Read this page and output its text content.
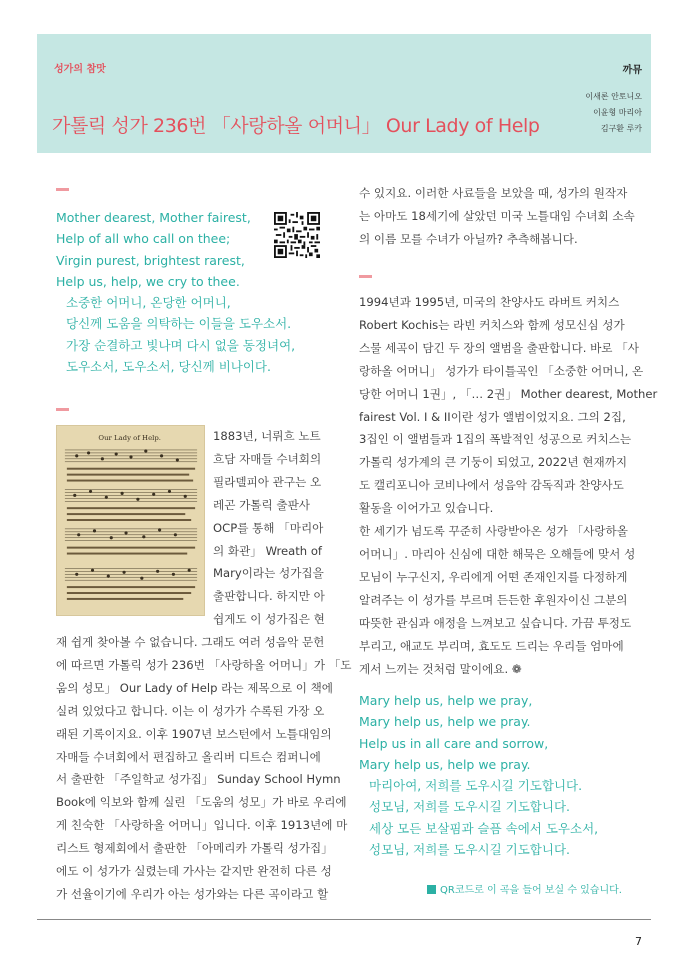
성가의 참맛	까뮤
가톨릭 성가 236번 「사랑하올 어머니」 Our Lady of Help
이새론 안토니오
이윤형 마리아
김구환 루카
Mother dearest, Mother fairest,
Help of all who call on thee;
Virgin purest, brightest rarest,
Help us, help, we cry to thee.
소중한 어머니, 온당한 어머니,
당신께 도움을 의탁하는 이들을 도우소서.
가장 순결하고 빛나며 다시 없을 동정녀여,
도우소서, 도우소서, 당신께 비나이다.
Our Lady of Help.	1883년, 너뤼흐 노트
흐담 자매들 수녀회의
필라델피아 관구는 오
레곤 가톨릭 출판사
OCP를 통해 「마리아
의 화관」 Wreath of
Mary이라는 성가집을
출판합니다. 하지만 아
쉽게도 이 성가집은 현
재 쉽게 찾아볼 수 없습니다. 그래도 여러 성음악 문헌
에 따르면 가톨릭 성가 236번 「사랑하올 어머니」가 「도
움의 성모」 Our Lady of Help 라는 제목으로 이 책에
실려 있었다고 합니다. 이는 이 성가가 수록된 가장 오
래된 기록이지요. 이후 1907년 보스턴에서 노틀대임의
자매들 수녀회에서 편집하고 올리버 디트슨 컴퍼니에
서 출판한 「주일학교 성가집」 Sunday School Hymn
Book에 익보와 함께 실린 「도움의 성모」가 바로 우리에
게 친숙한 「사랑하올 어머니」입니다. 이후 1913년에 마
리스트 형제회에서 출판한 「아메리카 가톨릭 성가집」
에도 이 성가가 실렸는데 가사는 같지만 완전히 다른 성
가 선율이기에 우리가 아는 성가와는 다른 곡이라고 할
수 있지요. 이러한 사료들을 보았을 때, 성가의 원작자
는 아마도 18세기에 살았던 미국 노틀대임 수녀회 소속
의 이름 모를 수녀가 아닐까? 추측해봅니다.
1994년과 1995년, 미국의 찬양사도 라버트 커치스
Robert Kochis는 라빈 커치스와 함께 성모신심 성가
스물 세곡이 담긴 두 장의 앨범을 출판합니다. 바로 「사
랑하올 어머니」 성가가 타이틀곡인 「소중한 어머니, 온
당한 어머니 1권」, 「… 2권」 Mother dearest, Mother
fairest Vol. I & II이란 성가 앨범이었지요. 그의 2집,
3집인 이 앨범들과 1집의 폭발적인 성공으로 커치스는
가톨릭 성가계의 큰 기둥이 되었고, 2022년 현재까지
도 캘리포니아 코비나에서 성음악 감독직과 찬양사도
활동을 이어가고 있습니다.
한 세기가 넘도록 꾸준히 사랑받아온 성가 「사랑하올
어머니」. 마리아 신심에 대한 해묵은 오해들에 맞서 성
모님이 누구신지, 우리에게 어떤 존재인지를 다정하게
알려주는 이 성가를 부르며 든든한 후원자이신 그분의
따뜻한 관심과 애정을 느껴보고 싶습니다. 가끔 투정도
부리고, 애교도 부리며, 효도도 드리는 우리들 엄마에
게서 느끼는 것처럼 말이에요. ❁
Mary help us, help we pray,
Mary help us, help we pray.
Help us in all care and sorrow,
Mary help us, help we pray.
마리아여, 저희를 도우시길 기도합니다.
성모님, 저희를 도우시길 기도합니다.
세상 모든 보살핌과 슬픔 속에서 도우소서,
성모님, 저희를 도우시길 기도합니다.
QR코드로 이 곡을 들어 보실 수 있습니다.
7
